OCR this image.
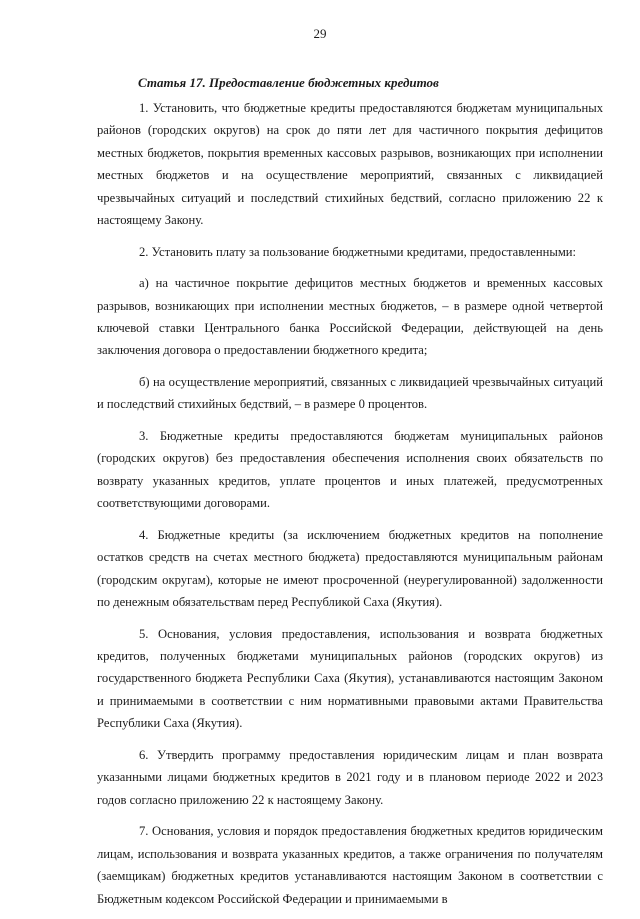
29
Статья 17. Предоставление бюджетных кредитов

1. Установить, что бюджетные кредиты предоставляются бюджетам муниципальных районов (городских округов) на срок до пяти лет для частичного покрытия дефицитов местных бюджетов, покрытия временных кассовых разрывов, возникающих при исполнении местных бюджетов и на осуществление мероприятий, связанных с ликвидацией чрезвычайных ситуаций и последствий стихийных бедствий, согласно приложению 22 к настоящему Закону.

2. Установить плату за пользование бюджетными кредитами, предоставленными:

а) на частичное покрытие дефицитов местных бюджетов и временных кассовых разрывов, возникающих при исполнении местных бюджетов, – в размере одной четвертой ключевой ставки Центрального банка Российской Федерации, действующей на день заключения договора о предоставлении бюджетного кредита;

б) на осуществление мероприятий, связанных с ликвидацией чрезвычайных ситуаций и последствий стихийных бедствий, – в размере 0 процентов.

3. Бюджетные кредиты предоставляются бюджетам муниципальных районов (городских округов) без предоставления обеспечения исполнения своих обязательств по возврату указанных кредитов, уплате процентов и иных платежей, предусмотренных соответствующими договорами.

4. Бюджетные кредиты (за исключением бюджетных кредитов на пополнение остатков средств на счетах местного бюджета) предоставляются муниципальным районам (городским округам), которые не имеют просроченной (неурегулированной) задолженности по денежным обязательствам перед Республикой Саха (Якутия).

5. Основания, условия предоставления, использования и возврата бюджетных кредитов, полученных бюджетами муниципальных районов (городских округов) из государственного бюджета Республики Саха (Якутия), устанавливаются настоящим Законом и принимаемыми в соответствии с ним нормативными правовыми актами Правительства Республики Саха (Якутия).

6. Утвердить программу предоставления юридическим лицам и план возврата указанными лицами бюджетных кредитов в 2021 году и в плановом периоде 2022 и 2023 годов согласно приложению 22 к настоящему Закону.

7. Основания, условия и порядок предоставления бюджетных кредитов юридическим лицам, использования и возврата указанных кредитов, а также ограничения по получателям (заемщикам) бюджетных кредитов устанавливаются настоящим Законом в соответствии с Бюджетным кодексом Российской Федерации и принимаемыми в
